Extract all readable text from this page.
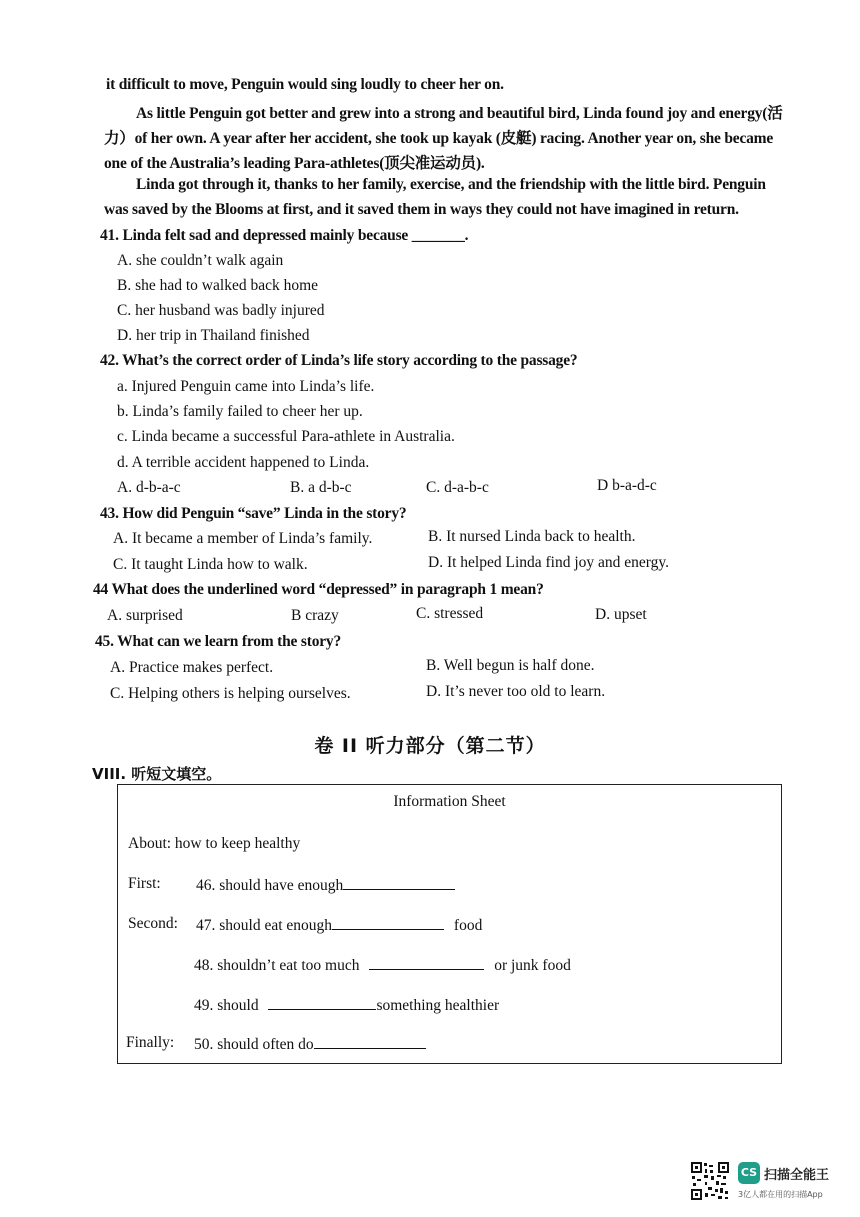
it difficult to move, Penguin would sing loudly to cheer her on.
As little Penguin got better and grew into a strong and beautiful bird, Linda found joy and energy(活
力）of her own. A year after her accident, she took up kayak (皮艇) racing. Another year on, she became
one of the Australia’s leading Para-athletes(顶尖准运动员).
Linda got through it, thanks to her family, exercise, and the friendship with the little bird. Penguin
was saved by the Blooms at first, and it saved them in ways they could not have imagined in return.
41. Linda felt sad and depressed mainly because _______.
A. she couldn’t walk again
B. she had to walked back home
C. her husband was badly injured
D. her trip in Thailand finished
42. What’s the correct order of Linda’s life story according to the passage?
a. Injured Penguin came into Linda’s life.
b. Linda’s family failed to cheer her up.
c. Linda became a successful Para-athlete in Australia.
d. A terrible accident happened to Linda.
A. d-b-a-c	B. a d-b-c	C. d-a-b-c	D b-a-d-c
43. How did Penguin “save” Linda in the story?
A. It became a member of Linda’s family.	B. It nursed Linda back to health.
C. It taught Linda how to walk.	D. It helped Linda find joy and energy.
44 What does the underlined word “depressed” in paragraph 1 mean?
A. surprised	B crazy	C. stressed	D. upset
45. What can we learn from the story?
A. Practice makes perfect.	B. Well begun is half done.
C. Helping others is helping ourselves.	D. It’s never too old to learn.
卷 II 听力部分（第二节）
VIII. 听短文填空。
Information Sheet
About: how to keep healthy
First: 46. should have enough
Second: 47. should eat enough	food
48. shouldn’t eat too much	or junk food
49. should	something healthier
Finally: 50. should often do
CS 扫描全能王
3亿人都在用的扫描App
